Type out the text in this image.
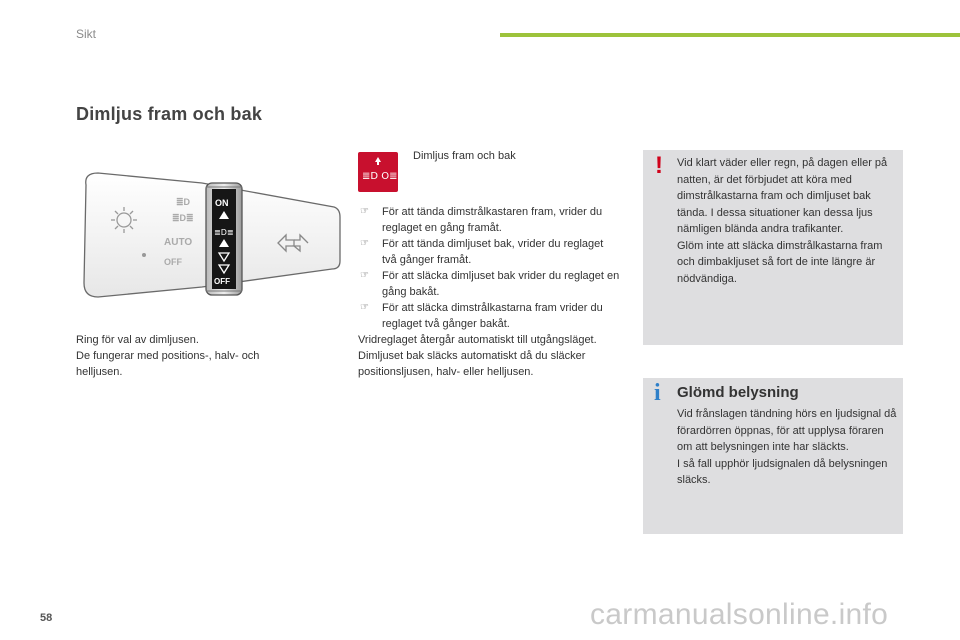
Sikt
Dimljus fram och bak
≣D
≣D≣
AUTO
OFF
ON
≣D≣
OFF
Ring för val av dimljusen.
De fungerar med positions-, halv- och helljusen.
≣D O≣
Dimljus fram och bak
☞ För att tända dimstrålkastaren fram, vrider du reglaget en gång framåt.
☞ För att tända dimljuset bak, vrider du reglaget två gånger framåt.
☞ För att släcka dimljuset bak vrider du reglaget en gång bakåt.
☞ För att släcka dimstrålkastarna fram vrider du reglaget två gånger bakåt.
Vridreglaget återgår automatiskt till utgångsläget.
Dimljuset bak släcks automatiskt då du släcker positionsljusen, halv- eller helljusen.
! Vid klart väder eller regn, på dagen eller på natten, är det förbjudet att köra med dimstrålkastarna fram och dimljuset bak tända. I dessa situationer kan dessa ljus nämligen blända andra trafikanter.
Glöm inte att släcka dimstrålkastarna fram och dimbakljuset så fort de inte längre är nödvändiga.
i Glömd belysning
Vid frånslagen tändning hörs en ljudsignal då förardörren öppnas, för att upplysa föraren om att belysningen inte har släckts.
I så fall upphör ljudsignalen då belysningen släcks.
58	carmanualsonline.info
